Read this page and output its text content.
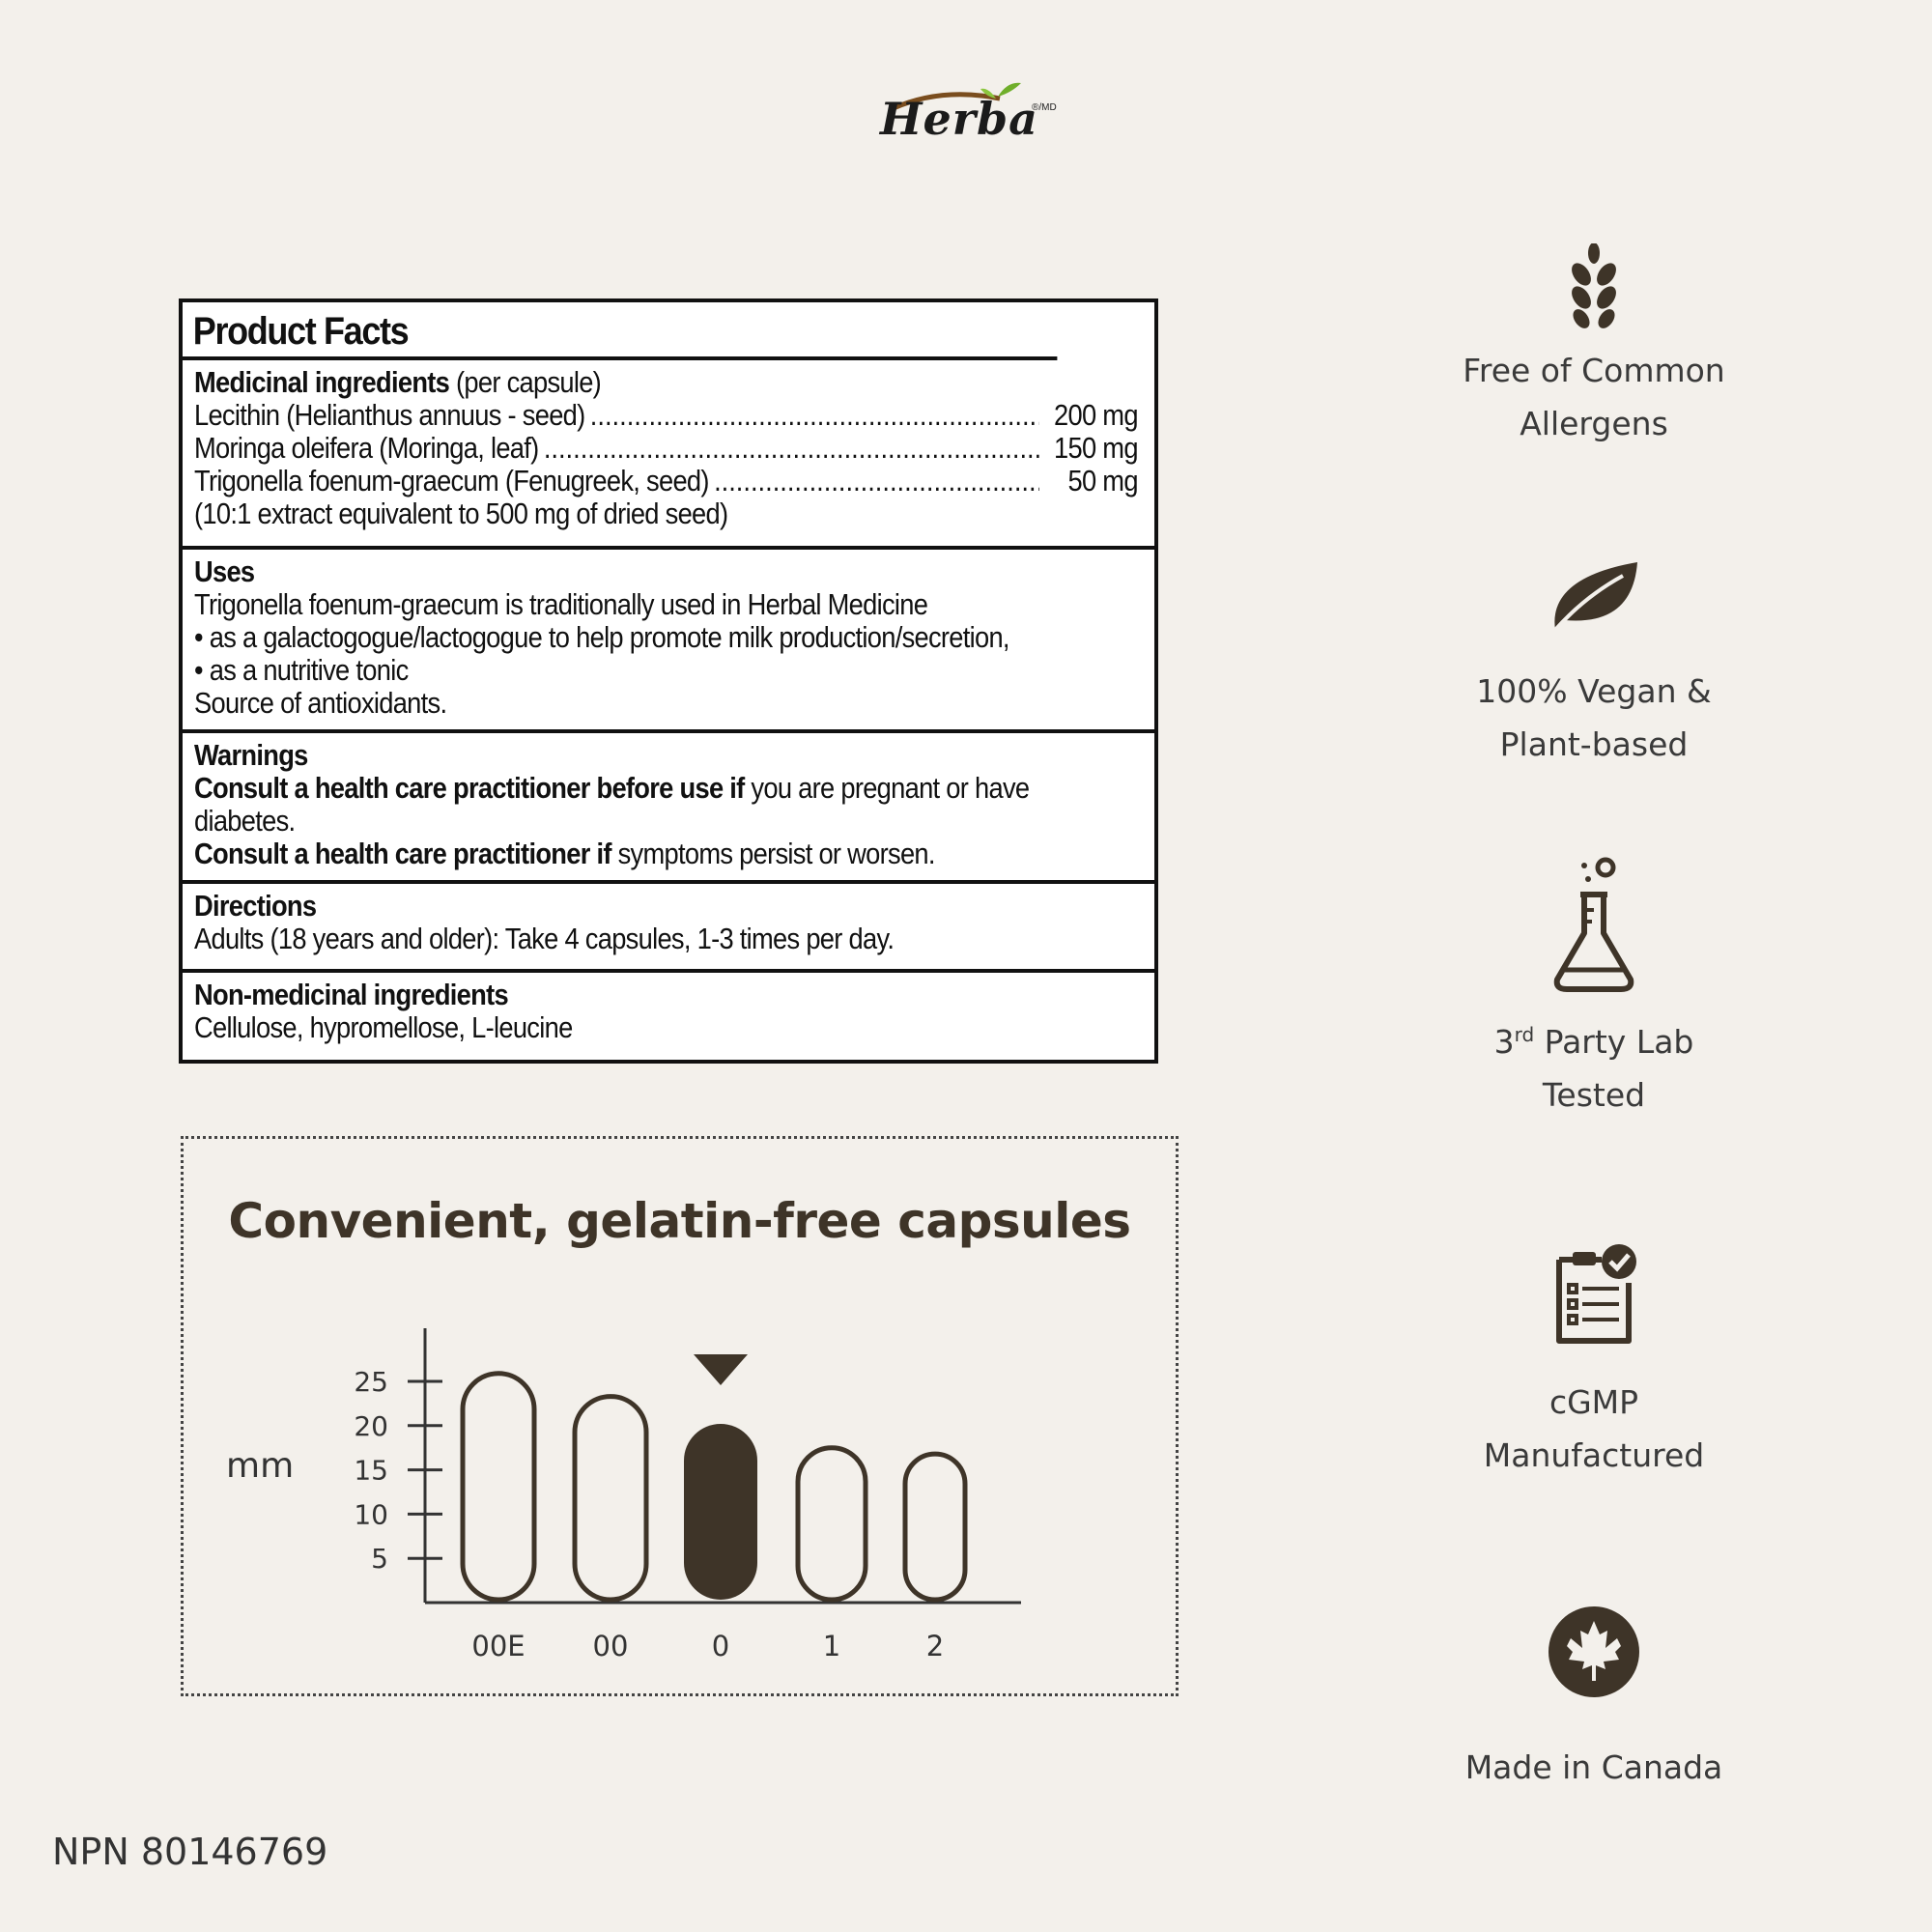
Herba
®/MD
Product Facts
Medicinal ingredients (per capsule)
Lecithin (Helianthus annuus - seed) .....	200 mg
Moringa oleifera (Moringa, leaf) .....	150 mg
Trigonella foenum-graecum (Fenugreek, seed) .....	50 mg
(10:1 extract equivalent to 500 mg of dried seed)
Uses
Trigonella foenum-graecum is traditionally used in Herbal Medicine
• as a galactogogue/lactogogue to help promote milk production/secretion,
• as a nutritive tonic
Source of antioxidants.
Warnings
Consult a health care practitioner before use if you are pregnant or have
diabetes.
Consult a health care practitioner if symptoms persist or worsen.
Directions
Adults (18 years and older): Take 4 capsules, 1-3 times per day.
Non-medicinal ingredients
Cellulose, hypromellose, L-leucine
Convenient, gelatin-free capsules
mm
5
10
15
20
25
00E 00	0	1	2
Free of Common
Allergens
100% Vegan &
Plant-based
3rd Party Lab
Tested
cGMP
Manufactured
Made in Canada
NPN 80146769
